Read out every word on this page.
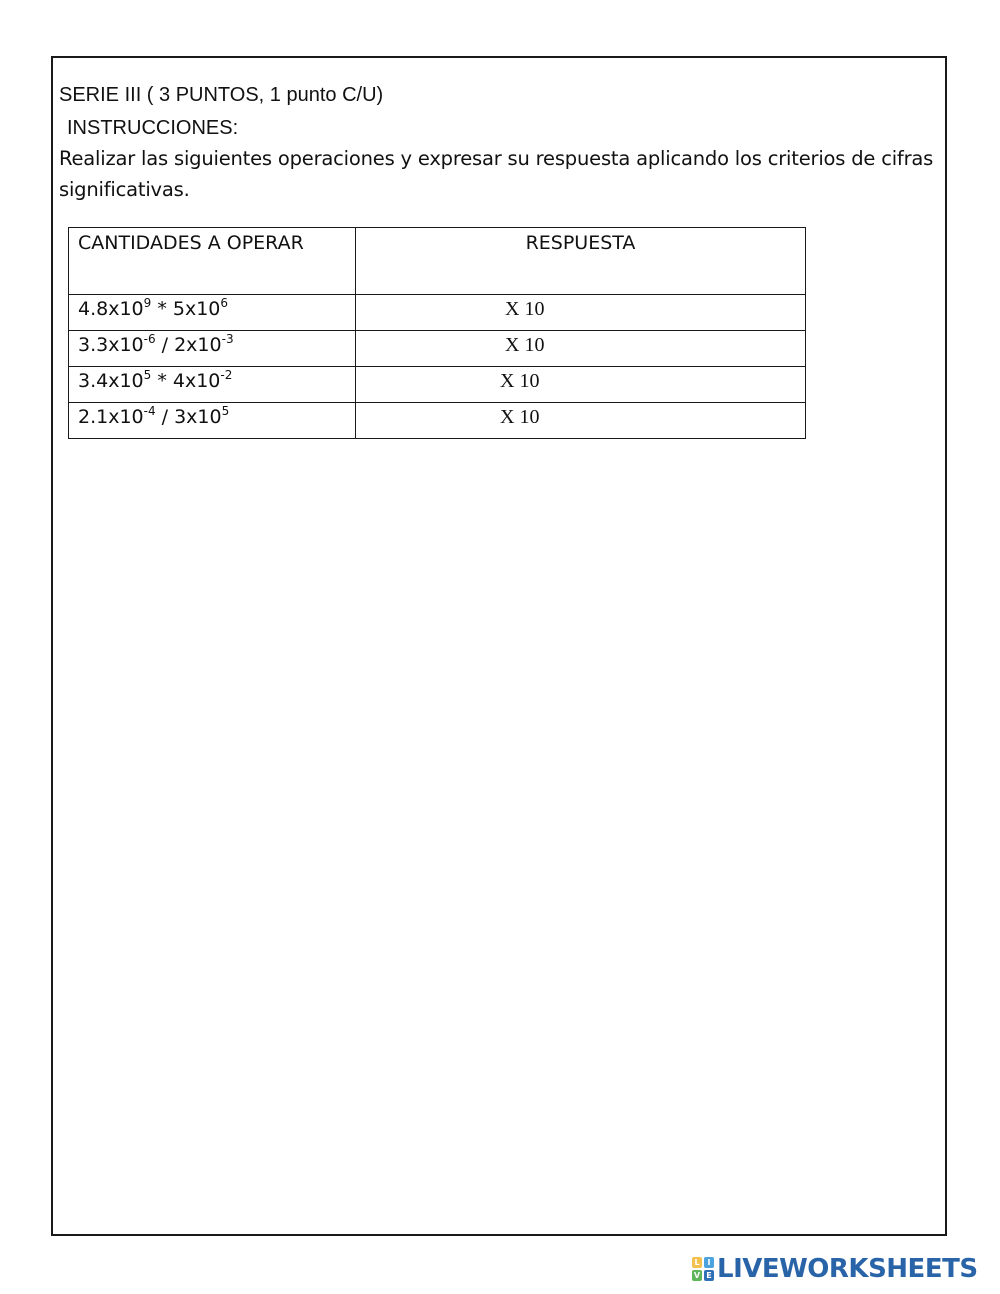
SERIE III ( 3 PUNTOS, 1 punto C/U)
INSTRUCCIONES:
Realizar las siguientes operaciones y expresar su respuesta aplicando los criterios de cifras significativas.
CANTIDADES A OPERAR	RESPUESTA
$4.8x10^9 * 5x10^6$	X 10

$3.3x10^{-6} / 2x10^{-3}$	X 10

$3.4x10^5 * 4x10^{-2}$	X 10

$2.1x10^{-4} / 3x10^5$	X 10
L I
V E LIVEWORKSHEETS
